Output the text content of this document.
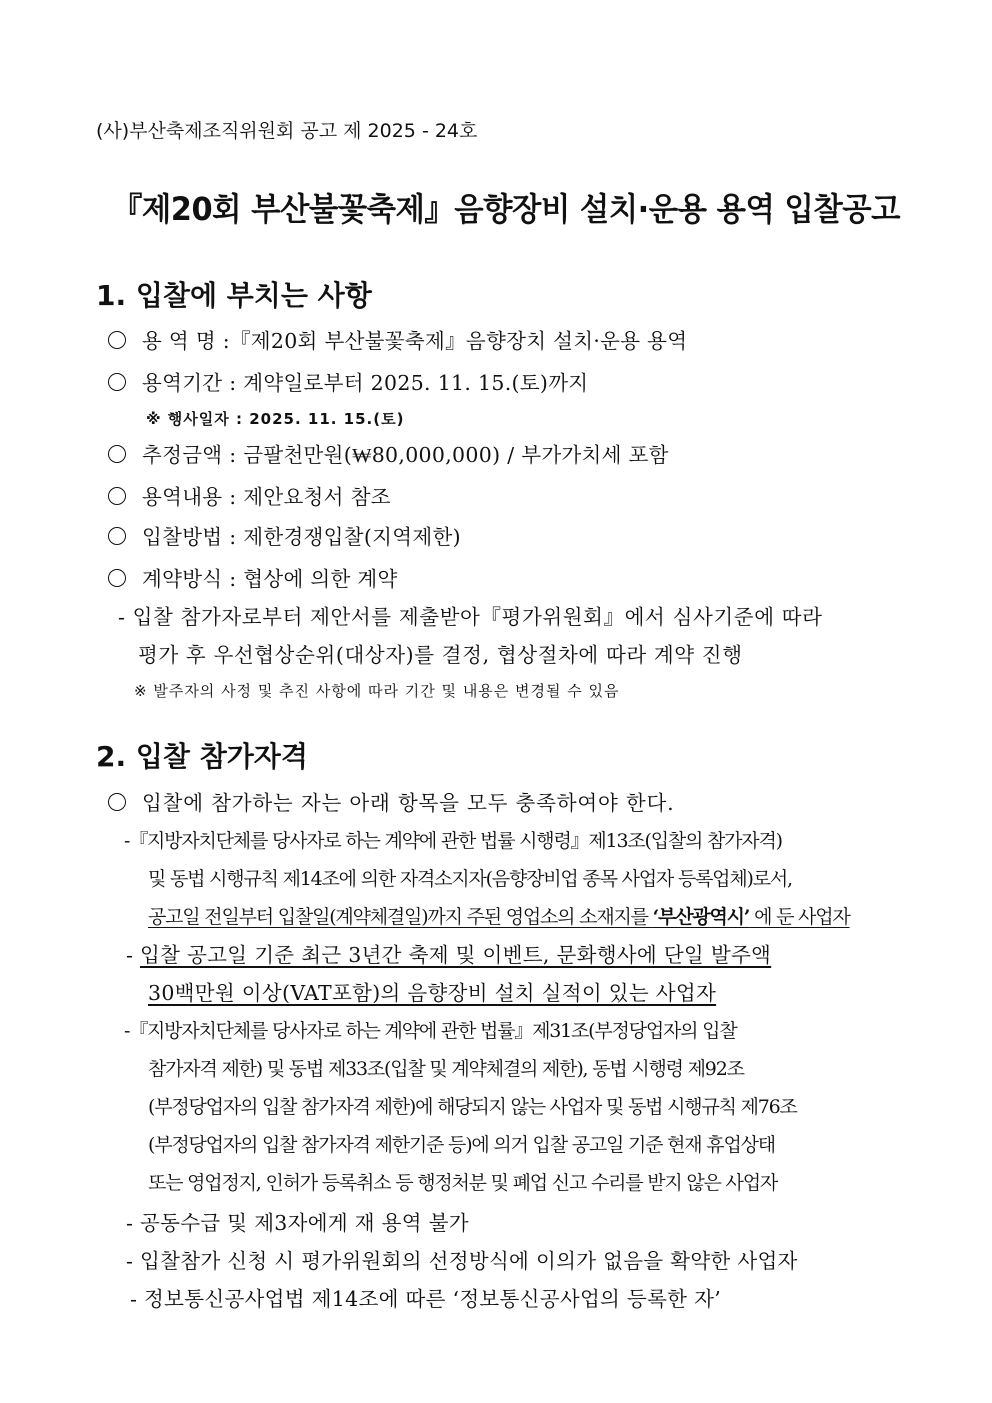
(사)부산축제조직위원회 공고 제 2025 - 24호
『제20회 부산불꽃축제』음향장비 설치·운용 용역 입찰공고
1. 입찰에 부치는 사항
용 역 명 :『제20회 부산불꽃축제』음향장치 설치·운용 용역
용역기간 : 계약일로부터 2025. 11. 15.(토)까지
※ 행사일자 : 2025. 11. 15.(토)
추정금액 : 금팔천만원(₩80,000,000) / 부가가치세 포함
용역내용 : 제안요청서 참조
입찰방법 : 제한경쟁입찰(지역제한)
계약방식 : 협상에 의한 계약
- 입찰 참가자로부터 제안서를 제출받아『평가위원회』에서 심사기준에 따라
평가 후 우선협상순위(대상자)를 결정, 협상절차에 따라 계약 진행
※ 발주자의 사정 및 추진 사항에 따라 기간 및 내용은 변경될 수 있음
2. 입찰 참가자격
입찰에 참가하는 자는 아래 항목을 모두 충족하여야 한다.
-『지방자치단체를 당사자로 하는 계약에 관한 법률 시행령』제13조(입찰의 참가자격)
및 동법 시행규칙 제14조에 의한 자격소지자(음향장비업 종목 사업자 등록업체)로서,
공고일 전일부터 입찰일(계약체결일)까지 주된 영업소의 소재지를 ‘부산광역시’ 에 둔 사업자
- 입찰 공고일 기준 최근 3년간 축제 및 이벤트, 문화행사에 단일 발주액
30백만원 이상(VAT포함)의 음향장비 설치 실적이 있는 사업자
-『지방자치단체를 당사자로 하는 계약에 관한 법률』제31조(부정당업자의 입찰
참가자격 제한) 및 동법 제33조(입찰 및 계약체결의 제한), 동법 시행령 제92조
(부정당업자의 입찰 참가자격 제한)에 해당되지 않는 사업자 및 동법 시행규칙 제76조
(부정당업자의 입찰 참가자격 제한기준 등)에 의거 입찰 공고일 기준 현재 휴업상태
또는 영업정지, 인허가 등록취소 등 행정처분 및 폐업 신고 수리를 받지 않은 사업자
- 공동수급 및 제3자에게 재 용역 불가
- 입찰참가 신청 시 평가위원회의 선정방식에 이의가 없음을 확약한 사업자
- 정보통신공사업법 제14조에 따른 ‘정보통신공사업의 등록한 자’
